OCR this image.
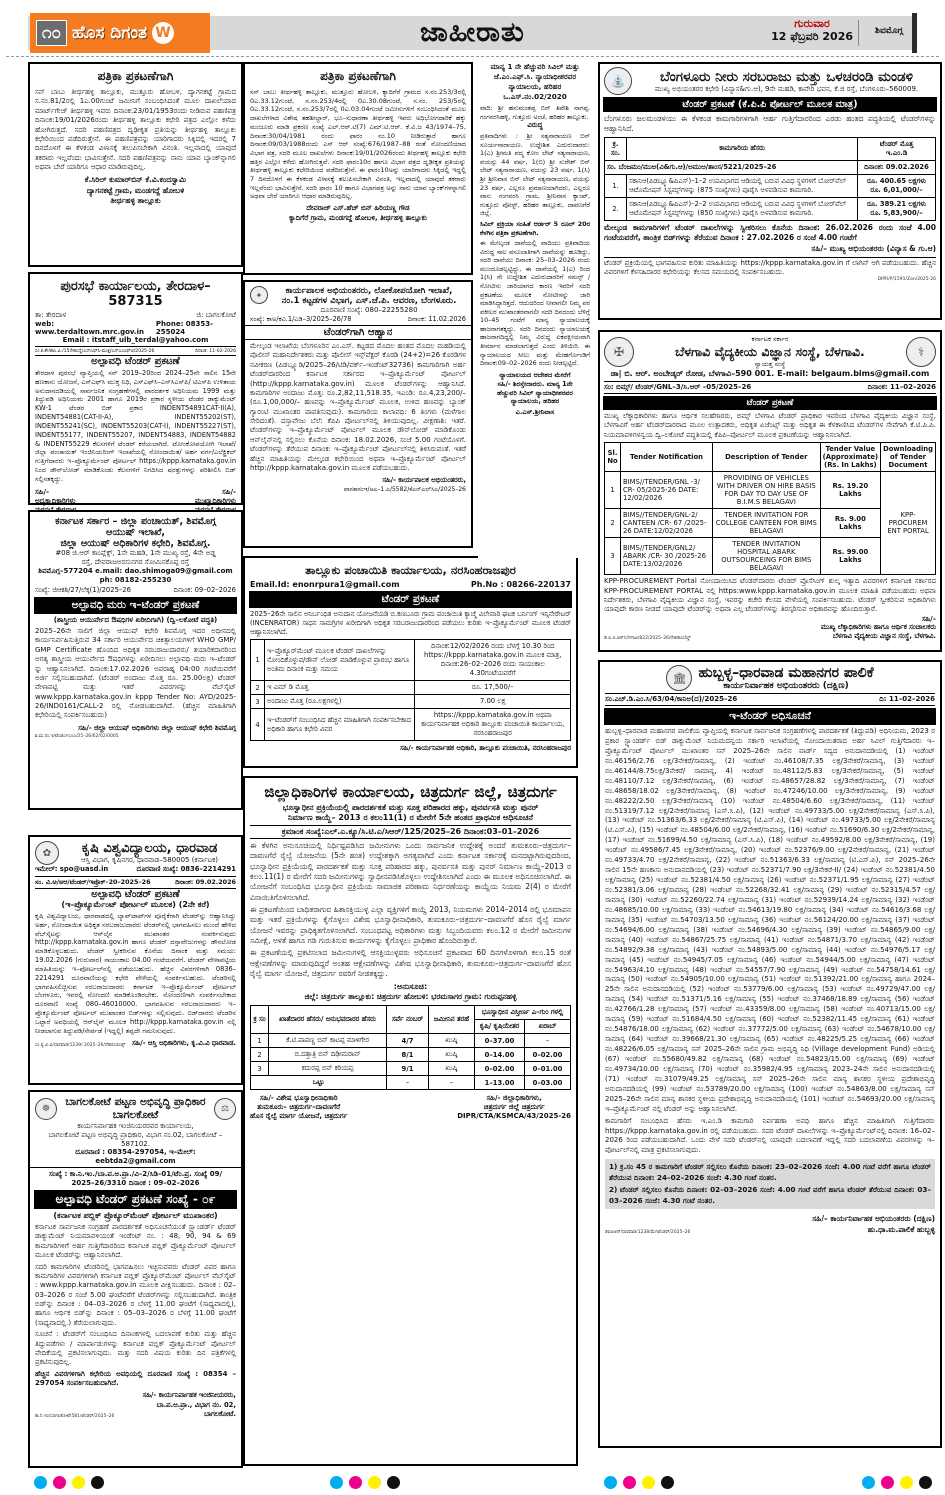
೧೦ ಹೊಸ ದಿಗಂತ W	ಜಾಹೀರಾತು	ಗುರುವಾರ
12 ಫೆಬ್ರವರಿ 2026 ಶಿವಮೊಗ್ಗ
ಪತ್ರಿಕಾ ಪ್ರಕಟಣೆಗಾಗಿ
ಸನ್ ಬಾಬು ತೀರ್ಥಹಳ್ಳಿ ತಾಲ್ಲೂಕು, ಮುತ್ತೂರು ಹೋಬಳಿ, ದ್ಯಾಗನಕಟ್ಟೆ ಗ್ರಾಮದ ಸ.ನಂ.81/2ರಲ್ಲಿ 1ಎ.00ಗುಂಟೆ ಜಮೀನಿಗೆ ಸಂಬಂಧಿಸಿದಂತೆ ಮೂಲ ದಾಖಲೆಯಾದ ಮಾರ್ಟ್‌ಗೇಜ್ ತೀರ್ಥಹಳ್ಳಿ ಇವರು ದಿನಾಂಕ:23/01/1953ರಂದು ನೀಡಿರುವ ಪಹಣಿಪತ್ರ ದಿನಾಂಕ:19/01/2026ರಂದು ತೀರ್ಥಹಳ್ಳಿ ತಾಲ್ಲೂಕು ಕಛೇರಿ ಪತ್ರದ ಎಲ್ಲೋ ಕಳೆದು ಹೋಗಿರುತ್ತದೆ. ಸದರಿ ಪಹಣಿಪತ್ರದ ದೃಢೀಕೃತ ಪ್ರತಿಯನ್ನು ತೀರ್ಥಹಳ್ಳಿ ತಾಲ್ಲೂಕು ಕಛೇರಿಯಿಂದ ಪಡೆದಿರುತ್ತೇನೆ. ಈ ಪಹಣಿಪತ್ರವನ್ನು ಯಾರಿಗಾದರು ಸಿಕ್ಕಿದಲ್ಲಿ ಇದರಲ್ಲಿ 7 ದಿನದೊಳಗೆ ಈ ಕೆಳಕಂಡ ವಿಳಾಸಕ್ಕೆ ತಲುಪಿಸಬೇಕಾಗಿ ವಿನಂತಿ. ಇಲ್ಲವಾದಲ್ಲಿ ಯಾವುದೆ ತಕರಾರು ಇಲ್ಲವೆಂದು ಭಾವಿಸುತ್ತೇನೆ. ಸದರಿ ಪಹಣಿಪತ್ರವನ್ನು ನಾನು ಯಾವ ಬ್ಯಾಂಕ್‌ನ್ನಾಗಲಿ ಅಥವಾ ಬೇರೆ ಯಾರಿಗೂ ಆಧಾರ ಮಾಡಿರುವುದಿಲ್ಲ.
ಕೆ.ಸಿರಿಲ್ ಕುಮಾರ್‌ಬಿನ್ ಕೆ.ವಿ.ಕಂದಸ್ವಾಮಿ
ದ್ಯಾಗನಕಟ್ಟೆ ಗ್ರಾಮ, ಮಂಡಗದ್ದೆ ಹೋಬಳಿ
ತೀರ್ಥಹಳ್ಳಿ ತಾಲ್ಲೂಕು
ಪುರಸಭೆ ಕಾರ್ಯಾಲಯ, ತೇರದಾಳ–587315
ತಾ: ತೇರದಾಳ	ಜಿ: ಬಾಗಲಕೋಟೆ
web: www.terdaltown.mrc.gov.in
Phone: 08353-255024
Email : itstaff_ulb_terdal@yahoo.com
ಸಂ.ಕ.ಶೇ/ಶಾಂ.ವಿ./15ನೇಹುದ್ದೆ/ಎಸ್‌ಎಫ್‌ಸಿ-ಮುಕ್ತ/ಎಸ್‌ಎಂಎಫ್‌ಟಿ/2025-26	ದಿನಾಂಕ: 11-02-2026
ಅಲ್ಪಾವಧಿ ಟೆಂಡರ್ ಪ್ರಕಟಣೆ
ತೇರದಾಳ ಪುರಸಭೆ ವ್ಯಾಪ್ತಿಯಲ್ಲಿ ಸನ್ 2019–20ರಿಂದ 2024–25ನೇ ಸಾಲಿನ 15ನೇ ಹಣಕಾಸು ಯೋಜನೆ, ಎಸ್‌ಎಫ್‌ಸಿ ಮುಕ್ತ ನಿಧಿ, ಎಸ್‌ಎಫ್‌ಸಿ–ಎಸ್‌ಸಿಎಸ್‌ಪಿ/ ಟಿಎಸ್‌ಪಿ ಉಳಿತಾಯ ಅನುದಾನದಡಿಯಲ್ಲಿ ಸಾರ್ವಜನಿಕ ಸಂಗ್ರಹಣೆಗಳಲ್ಲಿ ಪಾರದರ್ಶಕ ಅಧಿನಿಯಮ 1999 ಮತ್ತು ತಿದ್ದುಪಡಿ ಅಧಿನಿಯಮ 2001 ಹಾಗೂ 2019ರ ಪ್ರಕಾರ ಸ್ಥಳೀಯ ಟೆಂಡರ ಡಾಕ್ಯುಮೆಂಟ್ KW-1 ಟೆಂಡರ ಬಿಡ್ ಪ್ರಕಾರ INDENT54891CAT-II(A), INDENT54881(CAT-II-A), INDENT55202(ST), INDENT55241(SC), INDENT55203(CAT-I), INDENT55227(ST), INDENT55177, INDENT55207, INDENT54883, INDENT54882 & INDENT55229 ಕೆಲಸಗಳಿಗೆ ಟೆಂಡರ್ ಕರೆಯಲಾಗಿದೆ. ಟೋಂಕೋಪಯೋಗಿ ಇಲಾಖೆ/ಜಿಲ್ಲಾ ಪಂಚಾಯತ್ ಇಂಜಿನಿಯರಿಂಗ್ ಇಲಾಖೆಯಲ್ಲಿ ನೋಂದಾಯಿತ/ ಅರ್ಹ ವರ್ಗ/ಎಲೆಕ್ಟ್ರಿಕಲ್ ಗುತ್ತಿಗೆದಾರರು ಇ–ಪ್ರೊಕ್ಯೂರ್ಮೆಂಟ್ ಪೋರ್ಟಲ್ https://kppp.karnataka.gov.in ನಿಂದ ಡೌನ್‌ಲೋಡ್ ಮಾಡಿಕೊಂಡು ಕೆಲಸಗಳಿಗೆ ನಿಗದಿಸಿದ ಷರತ್ತುಗಳನ್ನು ಪರಿಶೀಲಿಸಿ ಬಿಡ್ ಸಲ್ಲಿಸತಕ್ಕದ್ದು.
ಸಹಿ/-
ಅಧ್ಯಕ್ಷಾಧಿಕಾರಿಗಳು

ಸಹಿ/-
ಮುಖ್ಯಾಧಿಕಾರಿಗಳು

ಕರ್ನಾಟಕ ಸರ್ಕಾರ – ಜಿಲ್ಲಾ ಪಂಚಾಯತ್, ಶಿವಮೊಗ್ಗ
ಆಯುಷ್ ಇಲಾಖೆ,
ಜಿಲ್ಲಾ ಆಯುಷ್ ಅಧಿಕಾರಿಗಳ ಕಛೇರಿ, ಶಿವಮೊಗ್ಗ.
#08 ಜಿ.ಆರ್ ಕಾಂಪ್ಲೆಕ್ಸ್, 1ನೇ ಮಹಡಿ, 1ನೇ ಮುಖ್ಯ ರಸ್ತೆ, 4ನೇ ಅಡ್ಡ
ರಸ್ತೆ, ದೇವರಾಜಅರಸುನಗರ ಸೋಮಿನಕೊಪ್ಪ ರಸ್ತೆ
ಶಿವಮೊಗ್ಗ–577204 e.mail: dao.shimoga09@gmail.com
ph: 08182-255230
ಸಂಖ್ಯೆ: ಜಿಆಕಶಿ/27/ಲೆಕ್ಕ(1)/2025–26	ದಿನಾಂಕ: 09–02–2026
ಅಲ್ಪಾವಧಿ ಮರು ಇ–ಟೆಂಡರ್ ಪ್ರಕಟಣೆ
(ಶಾಸ್ತ್ರೀಯ ಆಯುರ್ವೇದ ಔಷಧಿಗಳ ಖರೀದಿಗಾಗಿ) (ದ್ವಿ–ಲಕೋಟೆ ಪದ್ಧತಿ)
2025–26ನೇ ಸಾಲಿಗೆ ಜಿಲ್ಲಾ ಆಯುಷ್ ಕಛೇರಿ ಶಿವಮೊಗ್ಗ ಇದರ ಅಧೀನದಲ್ಲಿ ಕಾರ್ಯನಿರ್ವಹಿಸುತ್ತಿರುವ 34 ಸರ್ಕಾರಿ ಆಯುರ್ವೇದ ಚಿಕಿತ್ಸಾಲಯಗಳಿಗೆ WHO GMP/ GMP Certificate ಹೊಂದಿದ ಅಧಿಕೃತ ಸರಬರಾಜುದಾರರು/ ತಯಾರಿಕದಾರರಿಂದ ಅಗತ್ಯ ಶಾಸ್ತ್ರೀಯ ಆಯುರ್ವೇದ ಔಷಧಿಗಳನ್ನು ಖರೀದಿಸಲು ಅಲ್ಪಾವಧಿ ಮರು ಇ–ಟೆಂಡರ್ ನ್ನು ಆಹ್ವಾನಿಸಲಾಗಿದೆ. ದಿನಾಂಕ:17.02.2026 ಅಪರಾಹ್ನ 04:00 ಗಂಟೆಯವರೆಗೆ ಅರ್ಜಿ ಸಲ್ಲಿಸಬಹುದಾಗಿದೆ. (ಟೆಂಡರ್ ಅಂದಾಜು ಮೊತ್ತ ರೂ. 25.00ಲಕ್ಷ) ಟೆಂಡರ್ ವೇಳಾಪಟ್ಟಿ ಮತ್ತು ಇತರೆ ವಿವರಗಳನ್ನು ವೆಬ್‌ಸೈಟ್ www.kppp.karnataka.gov.in kppp Tender No: AYD/2025-26/IND0161/CALL-2 ರಲ್ಲಿ ನೋಡಬಹುದಾಗಿದೆ. (ಹೆಚ್ಚಿನ ಮಾಹಿತಿಗಾಗಿ ಕಛೇರಿಯಲ್ಲಿ ಸಂಪರ್ಕಿಸಬಹುದು)
ಸಹಿ/- ಜಿಲ್ಲಾ ಆಯುಷ್ ಅಧಿಕಾರಿಗಳು ಜಿಲ್ಲಾ ಆಯುಷ್ ಕಛೇರಿ ಶಿವಮೊಗ್ಗ
ಶಿ.ಮ.ನಂ.ಇ/ಟೆಂಡರ್ಎಎಂಎ/25–26/62/02/0005
✿	ಕೃಷಿ ವಿಶ್ವವಿದ್ಯಾಲಯ, ಧಾರವಾಡ
ಆಸ್ತಿ ವಿಭಾಗ, ಕೃಷಿನಗರ, ಧಾರವಾಡ–580005 (ಕರ್ನಾಟಕ)
ಇಮೇಲ್: spo@uasd.in	ದೂರವಾಣಿ ಸಂಖ್ಯೆ: 0836–2214291
ಸಂ. ವಿ.ಅ/ಅಆ/ಟೆಂಡರ್/ಇಪ್ರೊಕ್–20–2025–26	ದಿನಾಂಕ: 09.02.2026
ಅಲ್ಪಾವಧಿ ಟೆಂಡರ್ ಪ್ರಕಟಣೆ
(ಇ–ಪ್ರೊಕ್ಯೂರ್ಮೆಂಟ್ ಪೋರ್ಟಲ್ ಮೂಲಕ) (2ನೇ ಕರೆ)
ಕೃಷಿ ವಿಶ್ವವಿದ್ಯಾಲಯ, ಧಾರವಾಡದಲ್ಲಿ ಲ್ಯಾಪ್‌ಟಾಪ್‌ಗಳ ಪೂರೈಕೆಗಾಗಿ ಟೆಂಡರ್‌ನ್ನು ಆಹ್ವಾನಿಸಿದ್ದು ಅರ್ಹ, ನೋಂದಾಯಿತ ಅಧಿಕೃತ ಸರಬರಾಜುದಾರರು ಟೆಂಡರ್‌ನಲ್ಲಿ ಭಾಗವಹಿಸಲು ಮುಂದೆ ಹೇಳಿದ ವೆಬ್‌ಸೈಟನ್ನು ಆನ್‌ಲೈನ ಮುಖಾಂತರ ಸಂಪರ್ಕಿಸುವುದು http://kppp.karnataka.gov.in ಹಾಗೂ ಟೆಂಡರ್ ದಸ್ತಾವೇಜುಗಳನ್ನು ಡೌನಲೋಡ ಮಾಡಿಕೊಳ್ಳಬಹುದು. ಟೆಂಡರ್ ಸ್ವೀಕರಿಸುವ ಕೊನೆಯ ದಿನಾಂಕ ಮತ್ತು ಸಮಯ: 19.02.2026 (ಗುರುವಾರ) ಸಾಯಂಕಾಲ 04.00 ಗಂಟೆಯವರೆಗೆ. ಟೆಂಡರ್ ವೇಳಾಪಟ್ಟಿಯ ಮಾಹಿತಿಯನ್ನು ಇ–ಪೋರ್ಟಲ್‌ನಲ್ಲಿ ಪಡೆಯಬಹುದು. ಹೆಚ್ಚಿನ ವಿವರಗಳಿಗಾಗಿ 0836–2214291 ದೂರವಾಣಿಯನ್ನು ಕಛೇರಿ ವೇಳೆಯಲ್ಲಿ ಸಂಪರ್ಕಿಸಬಹುದು. ಟೆಂಡರಿನಲ್ಲಿ ಭಾಗವಹಿಸಲಿಚ್ಛಿಸುವ ಸರಬರಾಜುದಾರರು ಕರ್ನಾಟಕ ಇ–ಪ್ರೊಕ್ಯೂರ್ಮೆಂಟ್ ಪೋರ್ಟಲ್ ಬೆಂಗಳೂರು, ಇವರಲ್ಲಿ ನೋಂದಣಿ ಮಾಡಿಕೊಂಡಿರಬೇಕು. ನೋಂದಣಿಗಾಗಿ ಸಂಪರ್ಕಿಸಬೇಕಾದ ದೂರವಾಣಿ ಸಂಖ್ಯೆ 080–46010000. ಭಾಗವಹಿಸುವ ಸರಬರಾಜುದಾರರು ಇ–ಪ್ರೊಕ್ಯೂರ್ಮೆಂಟ್ ಪೋರ್ಟಲ್ ಮುಖಾಂತರ ಬಿಡ್‌ಗಳನ್ನು ಸಲ್ಲಿಸುವುದು. ಬಿಡ್‌ದಾರರು ಟೆಂಡರಿನ ಒಟ್ಟಾರೆ ಅವಧಿಯಲ್ಲಿ ಆನ್‌ಲೈನ್ ಮೂಲಕ http://kppp.karnataka.gov.in ನಲ್ಲಿ ನೀಡಲಾಗುವ ತಿದ್ದುಪಡಿ/ಸೇರ್ಪಡೆ (ಇದ್ದಲ್ಲಿ) ತಪ್ಪದೇ ಗಮನಿಸುವುದು.
ಸಂ.ಕೃ.ವಿ.ವಿ/ಧಾರವಾಡ/1239/ 2025–26/ದೆಹಲಿಬಾಂಡ್ಸ್ ಸಹಿ/- ಆಸ್ತಿ ಅಧಿಕಾರಿಗಳು, ಕೃ.ವಿ.ವಿ ಧಾರವಾಡ.
☸
ಬಾಗಲಕೋಟೆ ಪಟ್ಟಣ ಅಭಿವೃದ್ಧಿ ಪ್ರಾಧಿಕಾರ
ಬಾಗಲಕೋಟೆ	⚖
ಕಾರ್ಯನಿರ್ವಾಹಕ ಇಂಜಿನಿಯರರವರ ಕಾರ್ಯಾಲಯ,
ಬಾಗಲಕೋಟೆ ಪಟ್ಟಣ ಅಭಿವೃದ್ಧಿ ಪ್ರಾಧಿಕಾರ, ವಿಭಾಗ ನಂ.02, ಬಾಗಲಕೋಟೆ – 587102.
ದೂರವಾಣಿ : 08354-297054, ಇ–ಮೇಲ್: eebtda2@gmail.com
ಸಂಖ್ಯೆ : ಕಾ.ನಿ.ಇಂ./ಬಾ.ಪ.ಅ.ಪ್ರಾ./ವಿ–2/ಸಿಡಿ–01/ಟೆಂ.ಪ್ರ. ಸಂಖ್ಯೆ 09/
2025–26/3310 ದಿನಾಂಕ : 09–02–2026
ಅಲ್ಪಾವಧಿ ಟೆಂಡರ್ ಪ್ರಕಟಣೆ ಸಂಖ್ಯೆ - ೦೯
(ಕರ್ನಾಟಕ ಪಬ್ಲಿಕ್ ಪ್ರೊಕ್ಯೂರ್‌ಮೆಂಟ್ ಪೋರ್ಟಲ್ ಮುಖಾಂತರ)
ಕರ್ನಾಟಕ ಸಾರ್ವಜನಿಕ ಸಂಗ್ರಹಣೆ ಪಾರದರ್ಶಕತೆ ಅಧಿಸೂಚನೆಯಂತೆ ಸ್ಟ್ಯಾಂಡರ್ಡ್ ಟೆಂಡರ್ ಡಾಕ್ಯುಮೆಂಟ್ ನಿಯಮಾವಳಿಯಂತೆ ಇಂಡೆಂಟ್ ನಂ. : 48, 90, 94 & 69 ಕಾಮಗಾರಿಗಳಿಗೆ ಅರ್ಹ ಗುತ್ತಿಗೆದಾರರಿಂದ ಕರ್ನಾಟಕ ಪಬ್ಲಿಕ್ ಪ್ರೊಕ್ಯೂರ್ಮೆಂಟ್ ಪೋರ್ಟಲ್ ಮೂಲಕ ಟೆಂಡರ್‌ನ್ನು ಆಹ್ವಾನಿಸಲಾಗಿದೆ.
ಸದರಿ ಕಾಮಗಾರಿಗಳ ಟೆಂಡರಿನಲ್ಲಿ ಭಾಗವಹಿಸಲು ಇಚ್ಛಿಸುವವರು ಟೆಂಡರ್ ವಿವರ ಹಾಗೂ ಕಾಮಗಾರಿಗಳ ವಿವರಗಳಿಗಾಗಿ ಕರ್ನಾಟಕ ಪಬ್ಲಿಕ್ ಪ್ರೊಕ್ಯೂರ್‌ಮೆಂಟ್ ಪೋರ್ಟಲ್ ವೆಬ್‌ಸೈಟ್ : www.kppp.karnataka.gov.in ಮೂಲಕ ವೀಕ್ಷಿಸಬಹುದು. ದಿನಾಂಕ : 02–03–2026 ರ ಸಂಜೆ 5.00 ಘಂಟೆವರೆಗೆ ಟೆಂಡರ್‌ಗಳನ್ನು ಸಲ್ಲಿಸಬಹುದಾಗಿದೆ. ತಾಂತ್ರಿಕ ಬಿಡ್‌ನ್ನು ದಿನಾಂಕ : 04–03–2026 ರ ಬೆಳಗ್ಗೆ 11.00 ಘಂಟೆಗೆ (ಸಾಧ್ಯವಾದಲ್ಲಿ), ಹಾಗೂ ಆರ್ಥಿಕ ಬಿಡ್‌ನ್ನು ದಿನಾಂಕ : 05–03–2026 ರ ಬೆಳಗ್ಗೆ 11.00 ಘಂಟೆಗೆ (ಸಾಧ್ಯವಾದಲ್ಲಿ.) ತೆರೆಯಲಾಗುವುದು.
ಸೂಚನೆ : ಟೆಂಡರ್‌ಗೆ ಸಂಬಂಧಿಸಿದ ದಿನಾಂಕಗಳಲ್ಲಿ ಬದಲಾವಣೆ ಕುರಿತು ಮತ್ತು ಹೆಚ್ಚಿನ ತಿದ್ದುಪಡೆಗಳು / ಮಾರ್ಪಾಡುಗಳನ್ನು ಕರ್ನಾಟಕ ಪಬ್ಲಿಕ್ ಪ್ರೊಕ್ಯೂರ್ಮೆಂಟ್ ಪೋರ್ಟಲ್ ವೇದಿಕೆಯಲ್ಲಿ ಪ್ರಕಟಿಸಲಾಗುವುದು. ಮತ್ತು ಸದರಿ ವಿಷಯ ಕುರಿತು ದಿನ ಪತ್ರಿಕೆಗಳಲ್ಲಿ ಪ್ರಕಟಿಸುವುದಿಲ್ಲ.
ಹೆಚ್ಚಿನ ವಿವರಗಳಿಗಾಗಿ ಕಛೇರಿಯ ಅವಧಿಯಲ್ಲಿ ದೂರವಾಣಿ ಸಂಖ್ಯೆ : 08354 – 297054 ಸಂಪರ್ಕಿಸಬಹುದಾಗಿದೆ.
ಕಾ.ನಿ.ಇಂ/ಬಾಗಲಕೋಟೆ/581/ಟೆಂಡರ್/2025–26
ಸಹಿ/- ಕಾರ್ಯನಿರ್ವಾಹಕ ಇಂಜಿನೀಯರರು,
ಬಾ.ಪ.ಅ.ಪ್ರಾ., ವಿಭಾಗ ನಂ. 02,
ಬಾಗಲಕೋಟೆ.
ಪತ್ರಿಕಾ ಪ್ರಕಟಣೆಗಾಗಿ
ಸನ್ ಬಾಬು ತೀರ್ಥಹಳ್ಳಿ ತಾಲ್ಲೂಕು, ಮುತ್ತೂರು ಹೋಬಳಿ, ಕ್ಯಾದಿಗೆರೆ ಗ್ರಾಮದ ಸ.ನಂ.253/3ರಲ್ಲಿ 0ಎ.33.12ಗುಂಟೆ, ಸ.ನಂ.253/4ರಲ್ಲಿ 0ಎ.30.08ಗುಂಟೆ, ಸ.ನಂ. 253/5ರಲ್ಲಿ 0ಎ.33.12ಗುಂಟೆ, ಸ.ನಂ.253/7ರಲ್ಲಿ 0ಎ.03.04ಗುಂಟೆ ಜಮೀನುಗಳಿಗೆ ಸಂಬಂಧಿಸಿದಂತೆ ಮೂಲ ದಾಖಲೆಗಳಾದ ವಿಶೇಷ ತಹಶೀಲ್ದಾರ್, ಭೂ–ಸುಧಾರಣಾ ತೀರ್ಥಹಳ್ಳಿ ಇವರು ಅಧಿಭೋಗದಾರಿಕೆ ಹಕ್ಕು ಮಂಜೂರು ಮಾಡಿ ಪ್ರಕರಣ ಸಂಖ್ಯೆ ಎಲ್.ಆರ್.ಟಿ(7) ಎಮ್.ಟಿ.ಆರ್. ಕೆ.ವಿ.ಜ 43/1974–75, ದಿನಾಂಕ:30/04/1981 ರಂದು ಫಾರಂ ನಂ.10 ನೀಡಿರುತ್ತಾರೆ ಹಾಗೂ ದಿನಾಂಕ:09/03/1988ರಂದು ಎಸ್ ಆರ್ ಸಂಖ್ಯೆ:676/1987–88 ರಂತೆ ನೋಂದಣಿಯಾದ ವಿಭಾಗ ಪತ್ರ, ಸದರಿ ಮೂಲ ದಾಖಲೆಗಳು ದಿನಾಂಕ:19/01/2026ರಂದು ತೀರ್ಥಹಳ್ಳಿ ತಾಲ್ಲೂಕು ಕಛೇರಿ ಹತ್ತಿರ ಎಲ್ಲೋ ಕಳೆದು ಹೋಗಿರುತ್ತವೆ. ಸದರಿ ಫಾರಂ10ರ ಹಾಗೂ ವಿಭಾಗ ಪತ್ರದ ದೃಢೀಕೃತ ಪ್ರತಿಯನ್ನು ತೀರ್ಥಹಳ್ಳಿ ತಾಲ್ಲೂಕು ಕಛೇರಿಯಿಂದ ಪಡೆದಿರುತ್ತೇನೆ. ಈ ಫಾರಂ10ಅನ್ನು ಯಾರಿಗಾದರು ಸಿಕ್ಕಿದಲ್ಲಿ ಇದ್ದಲ್ಲಿ 7 ದಿನದೊಳಗೆ ಈ ಕೆಳಕಂಡ ವಿಳಾಸಕ್ಕೆ ತಲುಪಿಸಬೇಕಾಗಿ ವಿನಂತಿ, ಇಲ್ಲವಾದಲ್ಲಿ ಯಾವುದೆ ತಕರಾರು ಇಲ್ಲವೆಂದು ಭಾವಿಸುತ್ತೇನೆ. ಸದರಿ ಫಾರಂ 10 ಹಾಗೂ ವಿಭಾಗಪತ್ರ ಅನ್ನು ನಾನು ಯಾವ ಬ್ಯಾಂಕ್‌ಗಳನ್ನಾಗಲಿ ಅಥವಾ ಬೇರೆ ಯಾರಿಗೂ ಆಧಾರ ಮಾಡಿರುವುದಿಲ್ಲ.
ದೇವರಾಜ್ ಎಸ್.ಹೆಚ್ ಬಿನ್ ಹಿರಿಯಣ್ಣ ಗೌಡ
ಕ್ಯಾದಿಗೆರೆ ಗ್ರಾಮ, ಮಂಡಗದ್ದೆ ಹೋಬಳಿ, ತೀರ್ಥಹಳ್ಳಿ ತಾಲ್ಲೂಕು
✦	ಕಾರ್ಯಪಾಲಕ ಅಭಿಯಂತರರು, ಲೋಕೋಪಯೋಗಿ ಇಲಾಖೆ,
ನಂ.1 ಕಟ್ಟಡಗಳ ವಿಭಾಗ, ಎಸ್.ಜೆ.ಪಿ. ಆವರಣ, ಬೆಂಗಳೂರು.
ದೂರವಾಣಿ ಸಂಖ್ಯೆ: 080–22255280
ಸಂಖ್ಯೆ: ಕಾಅ/ಕವಿ.1/ಎಡಿ–3/2025–26/78	ದಿನಾಂಕ: 11.02.2026
ಟೆಂಡರ್‌ಗಾಗಿ ಆಹ್ವಾನ
ಮೇಲ್ಕಂಡ ಇಲಾಖೆಯ ಬೆಂಗಳೂರಿನ ಎಂ.ಎಸ್. ಕಟ್ಟಡದ ಮೊದಲ ಹಂತದ ಮೊದಲ ಮಹಡಿಯಲ್ಲಿ ಪೊಲೀಸ್ ಮಹಾನಿರ್ದೇಶಕರು ಮತ್ತು ಪೊಲೀಸ್ ಇನ್ಸ್‌ಪೆಕ್ಟರ್ ಕೊಠಡಿ (24+2)=26 ಕೊಠಡಿಗಳ ನವೀಕರಣ (ಪಿಡಬ್ಲ್ಯೂಡಿ/2025–26/ಟಿಡಿ/ವರ್ಕ್–ಇಂಡೆಂಟ್32736) ಕಾಮಗಾರಿಗಾಗಿ ಅರ್ಹ ಟೆಂಡರ್‌ದಾರರಿಂದ ಕರ್ನಾಟಕ ಸರ್ಕಾರದ ಇ–ಪ್ರೊಕ್ಯೂರ್ಮೆಂಟ್ ಪೋರ್ಟಲ್ (http://kppp.karnataka.gov.in) ಮೂಲಕ ಟೆಂಡರ್‌ಗಳನ್ನು ಆಹ್ವಾನಿಸಿದೆ. ಕಾಮಗಾರಿಗಳ ಅಂದಾಜು ಮೊತ್ತ: ರೂ.2,82,11,518.35, ಇಎಂಡಿ: ರೂ.4,23,200/– (ರೂ.1,00,000/– ಹಣವನ್ನು ಇ–ಪ್ರೊಕ್ಯೂರ್ಮೆಂಟ್ ಮೂಲಕ, ಉಳಿದ ಹಣವನ್ನು ಬ್ಯಾಂಕ್ ಗ್ಯಾರಂಟಿ ಮುಖಾಂತರ ಪಾವತಿಸುವುದು). ಕಾಮಗಾರಿಯ ಕಾಲಾವಧಿ: 6 ತಿಂಗಳು (ಮಳೆಗಾಲ ಸೇರಿದಂತೆ). ದಸ್ತಾವೇಜು ಬೆಲೆ: ಕೆಪಿಪಿ ಪೋರ್ಟಲ್‌ನಲ್ಲಿ ತಿಳಿಯುವುದಿಲ್ಲ. ವೀಕ್ಷಣಾಶಿ: ಇತರೆ. ಟೆಂಡರ್‌ಗಳನ್ನು ಇ–ಪ್ರೊಕ್ಯೂರ್ಮೆಂಟ್ ಪೋರ್ಟಲ್ ಮೂಲಕ ಡೌನ್‌ಲೋಡ್ ಮಾಡಿಕೊಂಡು ಆನ್‌ಲೈನ್‌ನಲ್ಲಿ ಸಲ್ಲಿಸಲು ಕೊನೆಯ ದಿನಾಂಕ: 18.02.2026, ಸಂಜೆ 5.00 ಗಂಟೆಯೊಳಗೆ. ಟೆಂಡರ್‌ಗಳನ್ನು ತೆರೆಯುವ ದಿನಾಂಕ: ಇ–ಪ್ರೊಕ್ಯೂರ್ಮೆಂಟ್ ಪೋರ್ಟಲ್‌ನಲ್ಲಿ ತಿಳಿಸಿರುವಂತೆ. ಇತರೆ ಹೆಚ್ಚಿನ ಮಾಹಿತಿಯನ್ನು ಮೇಲ್ಕಂಡ ಕಛೇರಿಯಿಂದ ಅಥವಾ ಇ–ಪ್ರೊಕ್ಯೂರ್ಮೆಂಟ್ ಪೋರ್ಟಲ್ http://kppp.karnataka.gov.in ಮೂಲಕ ಪಡೆಯಬಹುದು.
ಸಹಿ/- ಕಾರ್ಯಪಾಲಕ ಅಭಿಯಂತರರು,
ಪಾಸಕಾಸಂಇ/ಅಎ–1.ಎ/5582/ಕೆಎನ್‌ಎಲ್‌ಸಿಎ/2025–26
ತಾಲ್ಲೂಕು ಪಂಚಾಯಿತಿ ಕಾರ್ಯಾಲಯ, ನರಸಿಂಹರಾಜಪುರ
Email.Id: enonrpura1@gmail.com	Ph.No : 08266-220137
ಟೆಂಡರ್ ಪ್ರಕಟಣೆ
2025–26ನೇ ಸಾಲಿನ ಅನಿರ್ಬಂಧಿತ ಅನುದಾನ ಯೋಜನೆಯಡಿ ಬಿ.ಕಣಬೂರು ಗ್ರಾಮ ಪಂಚಾಯಿತಿ ಕ್ಯಾಚ್ಮೆ ವಿಲೇವಾರಿ ಘಟಕ ಬರ್ನಿಂಗ್ ಇನ್ಸಿನೇರೇಟರ್ (INCENRATOR) ಸಾಧನ ಸಾಮಗ್ರಿಗಳ ಖರೀದಿಗಾಗಿ ಅಧಿಕೃತ ಸರಬರಾಜುದಾರರಿಂದ ಪಡೆಯಲು ಕುರಿತು ಇ–ಪ್ರೊಕ್ಯೂರ್ಮೆಂಟ್ ಮೂಲಕ ಟೆಂಡರ್ ಆಹ್ವಾನಿಸಲಾಗಿದೆ.
1	ಇ–ಪ್ರೊಕ್ಯೂರ್‌ಮೆಂಟ್ ಮೂಲಕ ಟೆಂಡರ್ ದಾಖಲೆಗಳನ್ನು ನೋಂದಿಕೊಳ್ಳುವ/ಡೌನ್ ಲೋಡ್ ಮಾಡಿಕೊಳ್ಳುವ ಪ್ರಾರಂಭ ಹಾಗೂ ಅಂತಿಮ ದಿನಾಂಕ ಮತ್ತು ಸಮಯ	ದಿನಾಂಕ:12/02/2026 ರಂದು ಬೆಳಗ್ಗೆ 10.30 ರಿಂದ https://kppp.karnataka.gov.in ಮೂಲಕ ಮಾತ್ರ, ದಿನಾಂಕ:26–02–2026 ರಂದು ಸಾಯಂಕಾಲ 4.30ಗಂಟೆಯವರೆಗೆ
2	ಇ ಎಮ್ ಡಿ ಮೊತ್ತ	ರೂ. 17,500/–
3	ಅಂದಾಜು ಮೊತ್ತ (ರೂ.ಲಕ್ಷಗಳಲ್ಲಿ)	7.00 ಲಕ್ಷ
4	ಇ–ಟೆಂಡರ್‌ಗೆ ಸಂಬಂಧಿಸಿದ ಹೆಚ್ಚಿನ ಮಾಹಿತಿಗಾಗಿ ಸಂಪರ್ಕಿಸಬೇಕಾದ ಅಧಿಕಾರಿ ಹಾಗೂ ಕಛೇರಿ ವಿವರ	https://kppp.karnataka.gov.in ಅಥವಾ ಕಾರ್ಯನಿರ್ವಾಹಕ ಅಧಿಕಾರಿ ತಾಲ್ಲೂಕು ಪಂಚಾಯಿತಿ ಕಾರ್ಯಾಲಯ, ನರಸಿಂಹರಾಜಪುರ
ಸಹಿ/- ಕಾರ್ಯನಿರ್ವಾಹಕ ಅಧಿಕಾರಿ, ತಾಲ್ಲೂಕು ಪಂಚಾಯಿತಿ, ನರಸಿಂಹರಾಜಪುರ
ಜಿಲ್ಲಾಧಿಕಾರಿಗಳ ಕಾರ್ಯಾಲಯ, ಚಿತ್ರದುರ್ಗ ಜಿಲ್ಲೆ, ಚಿತ್ರದುರ್ಗ
ಭೂಸ್ವಾಧೀನ ಪ್ರಕ್ರಿಯೆಯಲ್ಲಿ ಪಾರದರ್ಶಕತೆ ಮತ್ತು ಸೂಕ್ತ ಪರಿಹಾರದ ಹಕ್ಕು, ಪುನರ್ವಸತಿ ಮತ್ತು ಪುನರ್
ನಿರ್ಮಾಣ ಕಾಯ್ದೆ– 2013 ರ ಕಲಂ11(1) ರ ಮೇರೆಗೆ 5ನೇ ಹಂತದ ಪ್ರಾಥಮಿಕ ಅಧಿಸೂಚನೆ
ಕ್ರಮಾಂಕ ಸಂಖ್ಯೆ:ಎಲ್.ಎ.ಕ್ಯೂ/ಸಿ.ಟಿ.ಎ/ಸಿಆರ್/125/2025–26 ದಿನಾಂಕ:03–01–2026
ಈ ಕೆಳಗಿನ ಅನುಸೂಚಿಯಲ್ಲಿ ನಿರ್ಧಿಷ್ಟಪಡಿಸಿದ ಜಮೀನುಗಳು ಒಂದು ಸಾರ್ವಜನಿಕ ಉದ್ದೇಶಕ್ಕೆ ಅಂದರೆ ತುಮಕೂರು–ಚಿತ್ರದುರ್ಗ–ದಾವಣಗೆರೆ ರೈಲ್ವೆ ಯೋಜನೆಯ (5ನೇ ಹಂತ) ಉದ್ದೇಶಕ್ಕಾಗಿ ಅಗತ್ಯವಾಗಿದೆ ಎಂದು ಕರ್ನಾಟಕ ಸರ್ಕಾರಕ್ಕೆ ಮನದಟ್ಟಾಗಿರುವುದರಿಂದ, ಭೂಸ್ವಾಧೀನ ಪ್ರಕ್ರಿಯೆಯಲ್ಲಿ ಪಾರದರ್ಶಕತೆ ಮತ್ತು ಸೂಕ್ತ ಪರಿಹಾರದ ಹಕ್ಕು, ಪುನರ್ವಸತಿ ಮತ್ತು ಪುನರ್ ನಿರ್ಮಾಣ ಕಾಯ್ದೆ–2013 ರ ಕಲಂ.11(1) ರ ಮೇರೆಗೆ ಸದರಿ ಜಮೀನುಗಳನ್ನು ಸ್ವಾಧೀನಪಡಿಸಿಕೊಳ್ಳಲು ಉದ್ದೇಶಿಸಲಾಗಿದೆ ಎಂದು ಈ ಮೂಲಕ ಅಧಿಸೂಚಿಸಲಾಗಿದೆ. ಈ ಯೋಜನೆಗೆ ಸಂಬಂಧಿಸಿದ ಭೂಸ್ವಾಧೀನ ಪ್ರಕ್ರಿಯೆಯ ಸಾಮಾಜಿಕ ಪರಿಣಾಮ ನಿರ್ಧರಣೆಯನ್ನು ಕಾಯ್ದೆಯ ನಿಯಮ 2(4) ರ ಮೇರೆಗೆ ವಿನಾಯಿತಿಗೊಳಿಸಲಾಗಿದೆ.
ಈ ಪ್ರಕಟಣೆಯಿಂದ ಬಾಧಿತರಾಗುವ ಹಿತಾಸಕ್ತಿಯುಳ್ಳ ಎಲ್ಲಾ ವ್ಯಕ್ತಿಗಳಿಗೆ ಕಾಯ್ದೆ 2013, ನಿಯಮಗಳು 2014–2014 ರಲ್ಲಿ ಭೂಮಾಪನ ಮತ್ತು ಇತರೆ ಪ್ರಕ್ರಿಯೆಗಳನ್ನು ಕೈಗೊಳ್ಳಲು ವಿಶೇಷ ಭೂಸ್ವಾಧೀನಾಧಿಕಾರಿ, ತುಮಕೂರು–ಚಿತ್ರದುರ್ಗ–ದಾವಣಗೆರೆ ಹೊಸ ರೈಲ್ವೆ ಮಾರ್ಗ ಯೋಜನೆ ಇವರನ್ನು ಪ್ರಾಧಿಕೃತಗೊಳಿಸಲಾಗಿದೆ. ಸಂಬಂಧಪಟ್ಟ ಅಧಿಕಾರಿಗಳು ಮತ್ತು ಸಿಬ್ಬಂದಿಯವರು ಕಲಂ.12 ರ ಮೇರೆಗೆ ಜಮೀನುಗಳ ಸಮೀಕ್ಷೆ, ಅಳತೆ ಹಾಗೂ ಗಡಿ ಗುರುತಿಸುವ ಕಾರ್ಯಗಳನ್ನು ಕೈಗೊಳ್ಳಲು ಪ್ರಾಧಿಕಾರ ಹೊಂದಿರುತ್ತಾರೆ.
ಈ ಪ್ರಕಟಣೆಯಲ್ಲಿ ಪ್ರಕಟಿಸಲಾದ ಜಮೀನುಗಳಲ್ಲಿ ಆಸಕ್ತಿಯುಳ್ಳವರು ಅಧಿಸೂಚನೆ ಪ್ರಕಟವಾದ 60 ದಿನಗಳೊಳಗಾಗಿ ಕಲಂ.15 ರಂತೆ ಆಕ್ಷೇಪಣೆಗಳನ್ನು ಮಾಡುವುದಿದ್ದರೆ ಅಂತಹ ಆಕ್ಷೇಪಣೆಗಳನ್ನು ವಿಶೇಷ ಭೂಸ್ವಾಧೀನಾಧಿಕಾರಿ, ತುಮಕೂರು–ಚಿತ್ರದುರ್ಗ–ದಾವಣಗೆರೆ ಹೊಸ ರೈಲ್ವೆ ಮಾರ್ಗ ಯೋಜನೆ, ಚಿತ್ರದುರ್ಗ ರವರಿಗೆ ನೀಡತಕ್ಕದ್ದು.
:ಅನುಸೂಚಿ:
ಜಿಲ್ಲೆ: ಚಿತ್ರದುರ್ಗ ತಾಲ್ಲೂಕು: ಚಿತ್ರದುರ್ಗ ಹೋಬಳಿ: ಭರಮಸಾಗರ ಗ್ರಾಮ: ಗುರುಪ್ಪನಹಳ್ಳಿ
ಕ್ರ ಸಂ	ಖಾತೆದಾರರ ಹೆಸರು/ ಅನುಭವದಾರರ ಹೆಸರು	ಸರ್ವೆ ನಂಬರ್	ಜಮೀನಿನ ತರಹೆ	ಭೂಸ್ವಾಧೀನ ವಿಸ್ತೀರ್ಣ ಎ–ಗುಂ ಗಳಲ್ಲಿ	
				ಕೃಷಿ/ ಕೃಷಿಯೇತರ	ಖರಾಬ್
1	ಕೆ.ಟಿ.ಪಾಪಣ್ಣ ಬಿನ್ ಕಾಟಪ್ಪ ಮಾಳಿಗೇರ	4/7	ಖುಷ್ಕಿ	0–37.00	–
2	ಬಿ.ದತ್ತಾತ್ರಿ ಬಿನ್ ದಿಢೀಮರಾವ್	8/1	ಖುಷ್ಕಿ	0–14.00	0–02.00
3	ಕದುರಪ್ಪ ಬಿನ್ ಕರಿಯಪ್ಪ	9/1	ಖುಷ್ಕಿ	0–02.00	0–01.00
ಒಟ್ಟು		–	–	1–13.00	0–03.00
ಸಹಿ/- ವಿಶೇಷ ಭೂಸ್ವಾಧೀನಾಧಿಕಾರಿ
ತುಮಕೂರು– ಚಿತ್ರದುರ್ಗ–ದಾವಣಗೆರೆ
ಹೊಸ ರೈಲ್ವೆ ಮಾರ್ಗ ಯೋಜನೆ, ಚಿತ್ರದುರ್ಗ
ಸಹಿ/- ಜಿಲ್ಲಾಧಿಕಾರಿಗಳು,
ಚಿತ್ರದುರ್ಗ ಜಿಲ್ಲೆ ಚಿತ್ರದುರ್ಗ
DIPR/CTA/KSMCA/43/2025-26
ಮಾನ್ಯ 1 ನೇ ಹೆಚ್ಚುವರಿ ಸಿವಿಲ್ ಮತ್ತು
ಜೆ.ಎಂ.ಎಫ್.ಸಿ. ನ್ಯಾಯಾಧೀಶರವರ
ನ್ಯಾಯಾಲಯ, ಹರಿಹರ
ಒ.ಎಸ್.ನಂ.02/2020
ವಾದಿ: ಶ್ರೀ ಹನುಮಂತಪ್ಪ ಬಿನ್ ತಿಪೇಶಿ ನಾಗಪ್ಪ, ಗಂಗನರಸಿಹಳ್ಳಿ, ಗುತ್ತೂರು ಅಂಚೆ, ಹರಿಹರ ತಾಲ್ಲೂಕು.
ವಿರುದ್ಧ
ಪ್ರತಿವಾದಿಗಳು : ಶ್ರೀ ಸತ್ಯನಾರಾಯಣ ಬಿನ್ ಸೂರ್ಯನಾರಾಯಣ. ಉದ್ದೇಶಿತ ಎದುರುದಾರರು: 1(ಎ) ಶ್ರೀಮತಿ ಪದ್ಮ ಕೋಂ ಲೇಟ್ ಸತ್ಯನಾರಾಯಣ, ವಯಸ್ಸು 44 ವರ್ಷ, 1(ಬಿ) ಶ್ರೀ ಸುರೇಶ್ ಬಿನ್ ಲೇಟ್ ಸತ್ಯನಾರಾಯಣ, ವಯಸ್ಸು 23 ವರ್ಷ, 1(ಸಿ) ಶ್ರೀ ಶ್ರೀನಿವಾಸ ಬಿನ್ ಲೇಟ್ ಸತ್ಯನಾರಾಯಣ, ವಯಸ್ಸು 23 ವರ್ಷ, ಎಲ್ಲರೂ ಪ್ರಮಾಣಯಾಗಿದರು, ಎಲ್ಲರೂ ವಾಸ: ಗಂಗನರಸಿ ಗ್ರಾಮ, ಶ್ರೀನಿವಾಸ ಕ್ಯಾಂಪ್, ಗುತ್ತೂರು ಪೋಸ್ಟ್, ಹರಿಹರ ತಾಲ್ಲೂಕು, ದಾವಣಗೆರೆ ಜಿಲ್ಲೆ.
ಸಿವಿಲ್ ಪ್ರಕ್ರಿಯಾ ಸಂಹಿತೆ ಆರ್ಡರ್ 5 ರೂಲ್ 20ರ ಕೆಳಗಿನ ಪತ್ರಿಕಾ ಪ್ರಕಟಣೆಗಾಗಿ.
ಈ ಮೇಲ್ಕಂಡ ದಾವೆಯಲ್ಲಿ ವಾದಿಯು ಪ್ರತಿವಾದಿಯ ವಿರುದ್ಧ ಸಾಲ ವಸೂಲಾತಿಗಾಗಿ ದಾವೆಯನ್ನು ಹೂಡಿದ್ದು, ಸದರಿ ದಾವೆಯು ದಿನಾಂಕ: 25–03–2026 ರಂದು ಮುಂದೂಡಲ್ಪಟ್ಟಿದ್ದು, ಈ ದಾವೆಯಲ್ಲಿ 1(ಎ) ರಿಂದ 1(ಸಿ) ನೇ ಉದ್ದೇಶಿತ ಎದುರುದಾರರಿಗೆ ಸಮನ್ಸ್ /ನೋಟೀಸು ಜಾರಿಯಾಗದ ಕಾರಣ ಇವರಿಗೆ ಸದರಿ ಪ್ರಕಟಣೆಯ ಮೂಲಕ ನೋಟೀಸನ್ನು ಜಾರಿ ಮಾಡಿಸಿದ್ದಾರಿತ್ತದೆ. ಆದುದರಿಂದ ನೀವಾಗಲೀ ನಿಮ್ಮ ಪರ ವಕೀಲರ ಮುಖಾಂತರವಾಗಲೀ ಸದರಿ ದಿನದಂದು ಬೆಳಿಗ್ಗೆ 10–45 ಗಂಟೆಗೆ ಮಾನ್ಯ ನ್ಯಾಯಾಲಯಕ್ಕೆ ಹಾಜರಾಗತಕ್ಕದ್ದು. ಸದರಿ ದಿನದಂದು ನ್ಯಾಯಾಲಯಕ್ಕೆ ಹಾಜರಾಗದಿದ್ದಲ್ಲಿ ನಿಮ್ಮ ವಿರುದ್ಧ ಏಕಪಕ್ಷೀಯವಾಗಿ ತೀರ್ಮಾನ ಮಾಡಲಾಗುತ್ತದೆ ಎಂದು ತಿಳಿಯಿರಿ. ಈ ನ್ಯಾಯಾಲಯದ ಸೀಲು ಮತ್ತು ಮೇಹರ್ಗೊಂಡಿಗೆ ದಿನಾಂಕ:09–02–2026 ರಂದು ನೀಡಲ್ಪಟ್ಟಿದೆ.
ನ್ಯಾಯಾಲಯದ ಆದೇಶದ ಮೇರೆಗೆ
ಸಹಿ/- ಶಿರಸ್ತೇದಾರರು. ಮಾನ್ಯ 1ನೇ
ಹೆಚ್ಚುವರಿ ಸಿವಿಲ್ ನ್ಯಾಯಾಧೀಶರವರ
ನ್ಯಾಯಾಲಯ, ಹರಿಹರ
ಎ.ಎಸ್.ಶ್ರೀನಿವಾಸ
⛲	ಬೆಂಗಳೂರು ನೀರು ಸರಬರಾಜು ಮತ್ತು ಒಳಚರಂಡಿ ಮಂಡಳಿ
ಮುಖ್ಯ ಅಭಿಯಂತರರ ಕಛೇರಿ (ವಿನ್ಯಾಸ&ಗು.ಆ), 9ನೇ ಮಹಡಿ, ಕಾವೇರಿ ಭವನ, ಕೆ.ಜಿ ರಸ್ತೆ, ಬೆಂಗಳೂರು–560009.
ಟೆಂಡರ್ ಪ್ರಕಟಣೆ (ಕೆ.ಪಿ.ಪಿ ಪೋರ್ಟಲ್ ಮೂಲಕ ಮಾತ್ರ)
ಬೆಂಗಳೂರು ಜಲಮಂಡಳಿಯು ಈ ಕೆಳಕಂಡ ಕಾಮಗಾರಿಗಳಿಗಾಗಿ ಆರ್ಹ ಗುತ್ತಿಗೆದಾರರಿಂದ ಎರಡು ಹಂತದ ಪದ್ಧತಿಯಲ್ಲಿ ಟೆಂಡರ್‌ಗಳನ್ನು ಆಹ್ವಾನಿಸಿದೆ.
ಕ್ರ. ಸಂ.	ಕಾಮಗಾರಿಯ ಹೆಸರು	ಟೆಂಡರ್ ಮೊತ್ತ
ಇ.ಎಂ.ಡಿ
ಸಂ. ಬೆಂಜಮಂ/ಮುಅ(ವಿ&ಗು.ಆ)/ಅಮುಅ/ತಾಂಸ/5221/2025–26		ದಿನಾಂಕ: 09.02.2026
1.	ಸಕಾನಿಆ(ಪಿಡಬ್ಲ್ಯೂ&ಪಿಎಸ್)–1–2 ಉಪವಿಭಾಗದ ಆಡಿಯಲ್ಲಿ ಬರುವ ವಿವಿಧ ಸ್ಥಳಗಳಿಗೆ ಬೋರ್‌ವೆಲ್ ಆಟೊಮೇಷನ್ ಸಿಸ್ಟಮ್ಸ್‌ಗಳನ್ನು (875 ಸಂಖ್ಯೆಗಳು) ಪೂರೈಸಿ ಅಳವಡಿಸುವ ಕಾಮಗಾರಿ.	ರೂ. 400.65 ಲಕ್ಷಗಳು
ರೂ. 6,01,000/–
2.	ಸಕಾನಿಆ(ಪಿಡಬ್ಲ್ಯೂ&ಪಿಎಸ್)–2–2 ಉಪವಿಭಾಗದ ಆಡಿಯಲ್ಲಿ ಬರುವ ವಿವಿಧ ಸ್ಥಳಗಳಿಗೆ ಬೋರ್‌ವೆಲ್ ಆಟೊಮೇಷನ್ ಸಿಸ್ಟಮ್ಸ್‌ಗಳನ್ನು (850 ಸಂಖ್ಯೆಗಳು) ಪೂರೈಸಿ ಅಳವಡಿಸುವ ಕಾಮಗಾರಿ.	ರೂ. 389.21 ಲಕ್ಷಗಳು
ರೂ. 5,83,900/–
ಮೇಲ್ಕಂಡ ಕಾಮಗಾರಿಗಳಿಗೆ ಟೆಂಡರ್ ದಾಖಲೆಗಳನ್ನು ಸ್ವೀಕರಿಸಲು ಕೊನೆಯ ದಿನಾಂಕ: 26.02.2026 ರಂದು ಸಂಜೆ 4.00 ಗಂಟೆಯವರೆಗೆ, ತಾಂತ್ರಿಕ ಬಿಡ್‌ಗಳನ್ನು ತೆರೆಯುವ ದಿನಾಂಕ : 27.02.2026 ರ ಸಂಜೆ 4.00 ಗಂಟೆಗೆ
ಸಹಿ/– ಮುಖ್ಯ ಅಭಿಯಂತರರು (ವಿನ್ಯಾಸ & ಗು.ಆ)
ಟೆಂಡರ್ ಪ್ರಕ್ರಿಯೆಯಲ್ಲಿ ಭಾಗವಹಿಸುವ ಕುರಿತು ಮಾಹಿತಿಯನ್ನು https://kppp.karnataka.gov.in ಗೆ ಲಾಗಿನ್ ಆಗಿ ಪಡೆಯಬಹುದು. ಹೆಚ್ಚಿನ ವಿವರಗಳಿಗೆ ಕೆಳಸಹಿದಾರರ ಕಛೇರಿಯನ್ನು ಕೆಲಸದ ಸಮಯದಲ್ಲಿ ಸಂಪರ್ಕಿಸಬಹುದು.
DIPR/P/1591/Zon/2025-26
✠
ಕರ್ನಾಟಕ ಸರ್ಕಾರ
ಬೆಳಗಾವಿ ವೈದ್ಯಕೀಯ ವಿಜ್ಞಾನ ಸಂಸ್ಥೆ, ಬೆಳಗಾವಿ.
ಸ್ವಾಯತ್ತ ಸಂಸ್ಥೆ
⚕
ಡಾ| ಬಿ. ಆರ್. ಅಂಬೇಡ್ಕರ್ ರೋಡ, ಬೆಳಗಾವಿ–590 001. E-mail: belgaum.bims@gmail.com
ಸಂ: ಬಿಮ್ಸ್/ ಟೆಂಡರ್/GNL–3/ಸಿ.ಆರ್ –05/2025–26	ದಿನಾಂಕ: 11–02–2026
ಟೆಂಡರ್ ಪ್ರಕಟಣೆ
ಮುಖ್ಯ ಲೆಕ್ಕಾಧಿಕಾರಿಗಳು ಹಾಗೂ ಆರ್ಥಿಕ ಸಲಹೆಗಾರರು, ಬಿಮ್ಸ್ ಬೆಳಗಾವಿ ಟೆಂಡರ್ ಪ್ರಾಧಿಕಾರ ಇವರಿಂದ ಬೆಳಗಾವಿ ವೈದ್ಯಕೀಯ ವಿಜ್ಞಾನ ಸಂಸ್ಥೆ, ಬೆಳಗಾವಿಗೆ ಅರ್ಹ ಟೆಂಡರ್‌ದಾರರಾದ ಮೂಲ ಉತ್ಪಾದಕರು, ಅಧಿಕೃತ ಏಜೆಂಟ್ಸ್ ಮತ್ತು ಅಧಿಕೃತ ಈ ಕೆಳಕಾಣಿಸಿದ ಟೆಂಡರ್‌ಗಳ ಸೇವೆಗಾಗಿ ಕೆ.ಟಿ.ಪಿ.ಪಿ. ನಿಯಮಾವಳಿಗಳನ್ವಯ ದ್ವಿ–ಲಕೋಟೆ ಪದ್ಧತಿಯಲ್ಲಿ ಕೆಪಿಪಿ–ಪೋರ್ಟಲ್ ಮೂಲಕ ಪ್ರಕಟಣೆಯನ್ನು ಆಹ್ವಾನಿಸಲಾಗಿದೆ.
Sl. No	Tender Notification	Description of Tender	Tender Value (Approximate) (Rs. In Lakhs)	Downloading of Tender Document
1	BIMS//TENDER/GNL -3/ CR- 05/2025-26 DATE: 12/02/2026	PROVIDING OF VEHICLES WITH DRIVER ON HIRE BASIS FOR DAY TO DAY USE OF B.I.M.S BELAGAVI	Rs. 19.20 Lakhs	KPP-PROCUREM ENT PORTAL
2	BIMS//TENDER/GNL-2/ CANTEEN /CR- 67 /2025-26 DATE:12/02/2026	TENDER INVITATION FOR COLLEGE CANTEEN FOR BIMS BELAGAVI	Rs. 9.00 Lakhs	
3	BIMS//TENDER/GNL2/ ABARK /CR- 30 /2025-26 DATE:13/02/2026	TENDER INVITATION HOSPITAL ABARK OUTSOURCEING FOR BIMS BELAGAVI	Rs. 99.00 Lakhs	
KPP-PROCUREMENT Portal ನೋಂದಾಯಿಸಿದ ಟೆಂಡರ್‌ದಾರರು ಟೆಂಡರ್ ಪ್ರೊಸೆಸಿಂಗ್ ಶುಲ್ಕ ಇತ್ಯಾದಿ ವಿವರಗಳಿಗೆ ಕರ್ನಾಟಕ ಸರ್ಕಾರದ KPP-PROCUREMENT PORTAL ನಲ್ಲಿ https:www.kppp.karnataka.gov.in ಮೂಲಕ ಮಾಹಿತಿ ಪಡೆಯಬಹುದು ಅಥವಾ ನಿರ್ದೇಶಕರು, ಬೆಳಗಾವಿ ವೈದ್ಯಕೀಯ ವಿಜ್ಞಾನ ಸಂಸ್ಥೆ, ಇವರನ್ನು ಕಚೇರಿ ಕೆಲಸದ ವೇಳೆಯಲ್ಲಿ ಸಂಪರ್ಕಿಸಬಹುದು. ಟೆಂಡರ್ ಸ್ವೀಕರಿಸುವ ಅಧಿಕಾರಿಗಳು ಯಾವುದೇ ಕಾರಣ ನೀಡದೆ ಯಾವುದೇ ಟೆಂಡರ್‌ನ್ನು ಅಥವಾ ಎಲ್ಲ ಟೆಂಡರ್‌ಗಳನ್ನು ತಿರಸ್ಕರಿಸುವ ಅಧಿಕಾರವನ್ನು ಹೊಂದಿರುತ್ತಾರೆ.
ಡಿ.ಐ.ಪಿ.ಆರ್/ಬೆಳಗಾವಿ/822/2025–26/ನೇಕಡಾಂಬೆಲ್ಡ್
ಸಹಿ/–
ಮುಖ್ಯ ಲೆಕ್ಕಾಧಿಕಾರಿಗಳು ಹಾಗೂ ಆರ್ಥಿಕ ಸಂಚಾಲಕರು
ಬೆಳಗಾವಿ ವೈದ್ಯಕೀಯ ವಿಜ್ಞಾನ ಸಂಸ್ಥೆ, ಬೆಳಗಾವಿ.
🏛 ಹುಬ್ಬಳ್ಳ–ಧಾರವಾಡ ಮಹಾನಗರ ಪಾಲಿಕೆ
ಕಾರ್ಯನಿರ್ವಾಹಕ ಅಭಿಯಂತರರು (ದಕ್ಷಿಣ)
ಸಂ.ಎಚ್.ಡಿ.ಎಂ.ಸಿ/63/04/ಕಾನಿಅ(ದ)/2025–26	ದಿ: 11–02–2026
ಇ-ಟೆಂಡರ್ ಅಧಿಸೂಚನೆ
ಹುಬ್ಬಳ್ಳಿ–ಧಾರವಾಡ ಮಹಾನಗರ ಪಾಲಿಕೆಯ ವ್ಯಾಪ್ತಿಯಲ್ಲಿ ಕರ್ನಾಟಕ ಸಾರ್ವಜನಿಕ ಸಂಗ್ರಹಣೆಗಳಲ್ಲಿ ಪಾರದರ್ಶಕತೆ (ತಿದ್ದುಪಡಿ) ಅಧಿನಿಯಮ, 2023 ರ ಪ್ರಕಾರ ಸ್ಟ್ಯಾಂಡರ್ಡ್ ಬಿಡ್ ಡಾಕ್ಯುಮೆಂಟ್ ನಿಯಮದನ್ವಯ ಸರ್ಕಾರಿ ಇಲಾಖೆಯಲ್ಲಿ ನೋಂದಾಯಿತರಾದ ಅರ್ಹ ಸಿವಿಲ್ ಗುತ್ತಿಗೆದಾರರು ಇ–ಪ್ರೊಕ್ಯೂರ್ಮೆಂಟ್ ಪೋರ್ಟಲ್ ಮುಖಾಂತರ ಸನ್ 2025–26ನೇ ಸಾಲಿನ ವಾರ್ಡ್ ಸದ್ಯದ ಅನುದಾನದಡಿಯಲ್ಲಿ (1) ಇಂಡೆಂಟ್ ನಂ.46156/2.76 ಲಕ್ಷ/3ನೇಕರೆ/ಸಾಮಾನ್ಯ, (2) ಇಂಡೆಂಟ್ ನಂ.46108/7.35 ಲಕ್ಷ/3ನೇಕರೆ/ಸಾಮಾನ್ಯ, (3) ಇಂಡೆಂಟ್ ನಂ.46144/8.75ಲಕ್ಷ/3ನೇಕರೆ/ ಸಾಮಾನ್ಯ, 4) ಇಂಡೆಂಟ್ ನಂ.48112/5.83 ಲಕ್ಷ/3ನೇಕರೆ/ಸಾಮಾನ್ಯ, (5) ಇಂಡೆಂಟ್ ನಂ.48110/7.12 ಲಕ್ಷ/3ನೇಕರೆ/ಸಾಮಾನ್ಯ, (6) ಇಂಡೆಂಟ್ ನಂ.48657/28.82 ಲಕ್ಷ/3ನೇಕರೆ/ಸಾಮಾನ್ಯ, (7) ಇಂಡೆಂಟ್ ನಂ.48658/18.02 ಲಕ್ಷ/3ನೇಕರೆ/ಸಾಮಾನ್ಯ, (8) ಇಂಡೆಂಟ್ ನಂ.47246/10.00 ಲಕ್ಷ/3ನೇಕರೆ/ಸಾಮಾನ್ಯ, (9) ಇಂಡೆಂಟ್ ನಂ.48222/2.50 ಲಕ್ಷ/3ನೇಕರೆ/ಸಾಮಾನ್ಯ (10) ಇಂಡೆಂಟ್ ನಂ.48504/6.60 ಲಕ್ಷ/3ನೇಕರೆ/ಸಾಮಾನ್ಯ, (11) ಇಂಡೆಂಟ್ ನಂ.51319/7.12 ಲಕ್ಷ/2ನೇಕರೆ/ಸಾಮಾನ್ಯ (ಎಸ್.ಸಿ.ಪಿ), (12) ಇಂಡೆಂಟ್ ನಂ.49733/5.00 ಲಕ್ಷ/2ನೇಕರೆ/ಸಾಮಾನ್ಯ (ಎಸ್.ಸಿ.ಪಿ), (13) ಇಂಡೆಂಟ್ ನಂ.51363/6.33 ಲಕ್ಷ/2ನೇಕರೆ/ಸಾಮಾನ್ಯ (ಟಿ.ಎಸ್.ಪಿ), (14) ಇಂಡೆಂಟ್ ನಂ.49733/5.00 ಲಕ್ಷ/2ನೇಕರೆ/ಸಾಮಾನ್ಯ (ಟಿ.ಎಸ್.ಪಿ), (15) ಇಂಡೆಂಟ್ ನಂ.48504/6.00 ಲಕ್ಷ/2ನೇಕರೆ/ಸಾಮಾನ್ಯ, (16) ಇಂಡೆಂಟ್ ನಂ.51690/6.30 ಲಕ್ಷ/2ನೇಕರೆ/ಸಾಮಾನ್ಯ, (17) ಇಂಡೆಂಟ್ ನಂ.51699/4.50 ಲಕ್ಷ/ಸಾಮಾನ್ಯ (ಎಸ್.ಸಿ.ಪಿ), (18) ಇಂಡೆಂಟ್ ನಂ.49592/8.00 ಲಕ್ಷ/3ನೇಕರೆ/ಸಾಮಾನ್ಯ, (19) ಇಂಡೆಂಟ್ ನಂ.49586/7.45 ಲಕ್ಷ/3ನೇಕರೆ/ಸಾಮಾನ್ಯ, (20) ಇಂಡೆಂಟ್ ನಂ.52376/9.00 ಲಕ್ಷ/2ನೇಕರೆ/ಸಾಮಾನ್ಯ, (21) ಇಂಡೆಂಟ್ ನಂ.49733/4.70 ಲಕ್ಷ/2ನೇಕರೆ/ಸಾಮಾನ್ಯ, (22) ಇಂಡೆಂಟ್ ನಂ.51363/6.33 ಲಕ್ಷ/ಸಾಮಾನ್ಯ (ಟಿ.ಎಸ್.ಪಿ), ಸನ್ 2025–26ನೇ ಸಾಲಿನ 15ನೇ ಹಣಕಾಸು ಅನುದಾನದಡಿಯಲ್ಲಿ (23) ಇಂಡೆಂಟ್ ನಂ.52371/7.90 ಲಕ್ಷ/3ನೇಕರೆ-II/ (24) ಇಂಡೆಂಟ್ ನಂ.52381/4.50 ಲಕ್ಷ/ಸಾಮಾನ್ಯ (25) ಇಂಡೆಂಟ್ ನಂ.52381/4.50 ಲಕ್ಷ/ಸಾಮಾನ್ಯ (26) ಇಂಡೆಂಟ್ ನಂ.52371/1.95 ಲಕ್ಷ/ಸಾಮಾನ್ಯ (27) ಇಂಡೆಂಟ್ ನಂ.52381/3.06 ಲಕ್ಷ/ಸಾಮಾನ್ಯ (28) ಇಂಡೆಂಟ್ ನಂ.52268/32.41 ಲಕ್ಷ/ಸಾಮಾನ್ಯ (29) ಇಂಡೆಂಟ್ ನಂ.52315/4.57 ಲಕ್ಷ/ಸಾಮಾನ್ಯ (30) ಇಂಡೆಂಟ್ ನಂ.52260/22.74 ಲಕ್ಷ/ಸಾಮಾನ್ಯ (31) ಇಂಡೆಂಟ್ ನಂ.52939/14.24 ಲಕ್ಷ/ಸಾಮಾನ್ಯ (32) ಇಂಡೆಂಟ್ ನಂ.48685/10.00 ಲಕ್ಷ/ಸಾಮಾನ್ಯ (33) ಇಂಡೆಂಟ್ ನಂ.54613/19.80 ಲಕ್ಷ/ಸಾಮಾನ್ಯ (34) ಇಂಡೆಂಟ್ ನಂ.54616/3.68 ಲಕ್ಷ/ಸಾಮಾನ್ಯ (35) ಇಂಡೆಂಟ್ ನಂ.54703/13.50 ಲಕ್ಷ/ಸಾಮಾನ್ಯ (36) ಇಂಡೆಂಟ್ ನಂ.56124/20.00 ಲಕ್ಷ/ಸಾಮಾನ್ಯ (37) ಇಂಡೆಂಟ್ ನಂ.54694/6.00 ಲಕ್ಷ/ಸಾಮಾನ್ಯ (38) ಇಂಡೆಂಟ್ ನಂ.54696/4.30 ಲಕ್ಷ/ಸಾಮಾನ್ಯ (39) ಇಂಡೆಂಟ್ ನಂ.54865/9.00 ಲಕ್ಷ/ಸಾಮಾನ್ಯ (40) ಇಂಡೆಂಟ್ ನಂ.54867/25.75 ಲಕ್ಷ/ಸಾಮಾನ್ಯ (41) ಇಂಡೆಂಟ್ ನಂ.54871/3.70 ಲಕ್ಷ/ಸಾಮಾನ್ಯ (42) ಇಂಡೆಂಟ್ ನಂ.54892/9.38 ಲಕ್ಷ/ಸಾಮಾನ್ಯ (43) ಇಂಡೆಂಟ್ ನಂ.54893/5.00 ಲಕ್ಷ/ಸಾಮಾನ್ಯ (44) ಇಂಡೆಂಟ್ ನಂ.54976/5.17 ಲಕ್ಷ/ಸಾಮಾನ್ಯ (45) ಇಂಡೆಂಟ್ ನಂ.54945/7.05 ಲಕ್ಷ/ಸಾಮಾನ್ಯ (46) ಇಂಡೆಂಟ್ ನಂ.54944/5.00 ಲಕ್ಷ/ಸಾಮಾನ್ಯ (47) ಇಂಡೆಂಟ್ ನಂ.54963/4.10 ಲಕ್ಷ/ಸಾಮಾನ್ಯ (48) ಇಂಡೆಂಟ್ ನಂ.54557/7.90 ಲಕ್ಷ/ಸಾಮಾನ್ಯ (49) ಇಂಡೆಂಟ್ ನಂ.54758/14.61 ಲಕ್ಷ/ಸಾಮಾನ್ಯ (50) ಇಂಡೆಂಟ್ ನಂ.54905/10.00 ಲಕ್ಷ/ಸಾಮಾನ್ಯ (51) ಇಂಡೆಂಟ್ ನಂ.51392/21.00 ಲಕ್ಷ/ಸಾಮಾನ್ಯ ಹಾಗೂ 2024–25ನೇ ಸಾಲಿನ ಅನುದಾನದಡಿಯಲ್ಲಿ (52) ಇಂಡೆಂಟ್ ನಂ.53779/6.00 ಲಕ್ಷ/ಸಾಮಾನ್ಯ (53) ಇಂಡೆಂಟ್ ನಂ.49729/47.00 ಲಕ್ಷ/ಸಾಮಾನ್ಯ (54) ಇಂಡೆಂಟ್ ನಂ.51371/5.16 ಲಕ್ಷ/ಸಾಮಾನ್ಯ (55) ಇಂಡೆಂಟ್ ನಂ.37468/18.89 ಲಕ್ಷ/ಸಾಮಾನ್ಯ (56) ಇಂಡೆಂಟ್ ನಂ.42766/1.28 ಲಕ್ಷ/ಸಾಮಾನ್ಯ (57) ಇಂಡೆಂಟ್ ನಂ.43359/8.00 ಲಕ್ಷ/ಸಾಮಾನ್ಯ (58) ಇಂಡೆಂಟ್ ನಂ.40713/15.00 ಲಕ್ಷ/ಸಾಮಾನ್ಯ (59) ಇಂಡೆಂಟ್ ನಂ.51684/4.50 ಲಕ್ಷ/ಸಾಮಾನ್ಯ (60) ಇಂಡೆಂಟ್ ನಂ.52382/11.45 ಲಕ್ಷ/ಸಾಮಾನ್ಯ (61) ಇಂಡೆಂಟ್ ನಂ.54876/18.00 ಲಕ್ಷ/ಸಾಮಾನ್ಯ (62) ಇಂಡೆಂಟ್ ನಂ.37772/5.00 ಲಕ್ಷ/ಸಾಮಾನ್ಯ (63) ಇಂಡೆಂಟ್ ನಂ.54678/10.00 ಲಕ್ಷ/ಸಾಮಾನ್ಯ (64) ಇಂಡೆಂಟ್ ನಂ.39668/21.30 ಲಕ್ಷ/ಸಾಮಾನ್ಯ (65) ಇಂಡೆಂಟ್ ನಂ.48225/5.25 ಲಕ್ಷ/ಸಾಮಾನ್ಯ (66) ಇಂಡೆಂಟ್ ನಂ.48226/6.05 ಲಕ್ಷ/ಸಾಮಾನ್ಯ ಸನ್ 2025–26ನೇ ಸಾಲಿನ ಗ್ರಾಮ ಅಭಿವೃದ್ಧಿ ನಿಧಿ (Village development Fund) ಅಡಿಯಲ್ಲಿ (67) ಇಂಡೆಂಟ್ ನಂ.55680/49.82 ಲಕ್ಷ/ಸಾಮಾನ್ಯ (68) ಇಂಡೆಂಟ್ ನಂ.54823/15.00 ಲಕ್ಷ/ಸಾಮಾನ್ಯ (69) ಇಂಡೆಂಟ್ ನಂ.49734/10.00 ಲಕ್ಷ/ಸಾಮಾನ್ಯ (70) ಇಂಡೆಂಟ್ ನಂ.35982/4.95 ಲಕ್ಷ/ಸಾಮಾನ್ಯ 2023–24ನೇ ಸಾಲಿನ ಅನುದಾನದಡಿಯಲ್ಲಿ (71) ಇಂಡೆಂಟ್ ನಂ.31079/49.25 ಲಕ್ಷ/ಸಾಮಾನ್ಯ ಸನ್ 2025–26ನೇ ಸಾಲಿನ ಮಾನ್ಯ ಶಾಸಕರ ಸ್ಥಳೀಯ ಪ್ರದೇಶಾಭಿವೃದ್ಧಿ ಅನುದಾನದಡಿಯಲ್ಲಿ (99) ಇಂಡೆಂಟ್ ನಂ.53789/20.00 ಲಕ್ಷ/ಸಾಮಾನ್ಯ (100) ಇಂಡೆಂಟ್ ನಂ.54863/8.00 ಲಕ್ಷ/ಸಾಮಾನ್ಯ ಸನ್ 2025–26ನೇ ಸಾಲಿನ ಮಾನ್ಯ ಶಾಸಕರ ಸ್ಥಳೀಯ ಪ್ರದೇಶಾಭಿವೃದ್ಧಿ ಅನುದಾನದಡಿಯಲ್ಲಿ (101) ಇಂಡೆಂಟ್ ನಂ.54693/20.00 ಲಕ್ಷ/ಸಾಮಾನ್ಯ ಇ–ಪ್ರೊಕ್ಯೂರ್ಮೆಂಟ್ ನಲ್ಲಿ ಟೆಂಡರ್ ಅನ್ನು ಆಹ್ವಾನಿಸಲಾಗಿದೆ.
ಕಾಮಗಾರಿಗೆ ಸಂಬಂಧಿಸಿದ ಹೆಸರು ಇ.ಎಂ.ಡಿ ಕಾಮಗಾರಿ ನಿರ್ವಹಣಾ ಅವಧಿ ಹಾಗೂ ಹೆಚ್ಚಿನ ಮಾಹಿತಿಗಾಗಿ ಗುತ್ತಿಗೆದಾರರು https://kppp.karnataka.gov.in ರಲ್ಲಿ ಪಡೆಯಬಹುದು. ಸದರ ಟೆಂಡರ್ ದಾಖಲೆಗಳನ್ನು ಇ–ಪ್ರೊಕ್ಯೂರ್ಮೆಂಟ್‌ನಲ್ಲಿ ದಿನಾಂಕ: 16–02–2026 ರಿಂದ ಪಡೆಯಬಹುದಾಗಿದೆ. ಒಂದು ವೇಳೆ ಸದರಿ ಟೆಂಡರ್‌ನಲ್ಲಿ ಯಾವುದೇ ಬದಲಾವಣೆ ಇದ್ದಲ್ಲಿ ಸದರಿ ಬದಲಾವಣೆಯ ವಿವರಗಳನ್ನು ಇ–ಪೋರ್ಟಲ್‌ನಲ್ಲಿ ಮಾತ್ರ ಪ್ರಕಟಿಸಲಾಗುವುದು.
1) ಕ್ರ.ಸಂ 45 ರ ಕಾಮಗಾರಿಗೆ ಟೆಂಡರ್ ಸಲ್ಲಿಸಲು ಕೊನೆಯ ದಿನಾಂಕ: 23–02–2026 ಸಂಜೆ: 4.00 ಗಂಟೆ ವರೆಗೆ ಹಾಗೂ ಟೆಂಡರ್ ತೆರೆಯುವ ದಿನಾಂಕ: 24–02–2026 ಸಂಜೆ: 4.30 ಗಂಟೆ ನಂತರ.
2) ಟೆಂಡರ್ ಸಲ್ಲಿಸಲು ಕೊನೆಯ ದಿನಾಂಕ: 02–03–2026 ಸಂಜೆ: 4.00 ಗಂಟೆ ವರೆಗೆ ಹಾಗೂ ಟೆಂಡರ್ ತೆರೆಯುವ ದಿನಾಂಕ: 03–03–2026 ಸಂಜೆ: 4.30 ಗಂಟೆ ನಂತರ.
ಡಿಐಪಿಆರ್/ಧಾರವಾಡ/1238/ಮೆಗಟೆಂಡರ್/2025–26
ಸಹಿ/– ಕಾರ್ಯನಿರ್ವಾಹಕ ಅಭಿಯಂತರರು (ದಕ್ಷಿಣ)
ಹು.ಧಾ.ಮ.ಪಾಲಿಕೆ ಹುಬ್ಬಳ್ಳಿ
